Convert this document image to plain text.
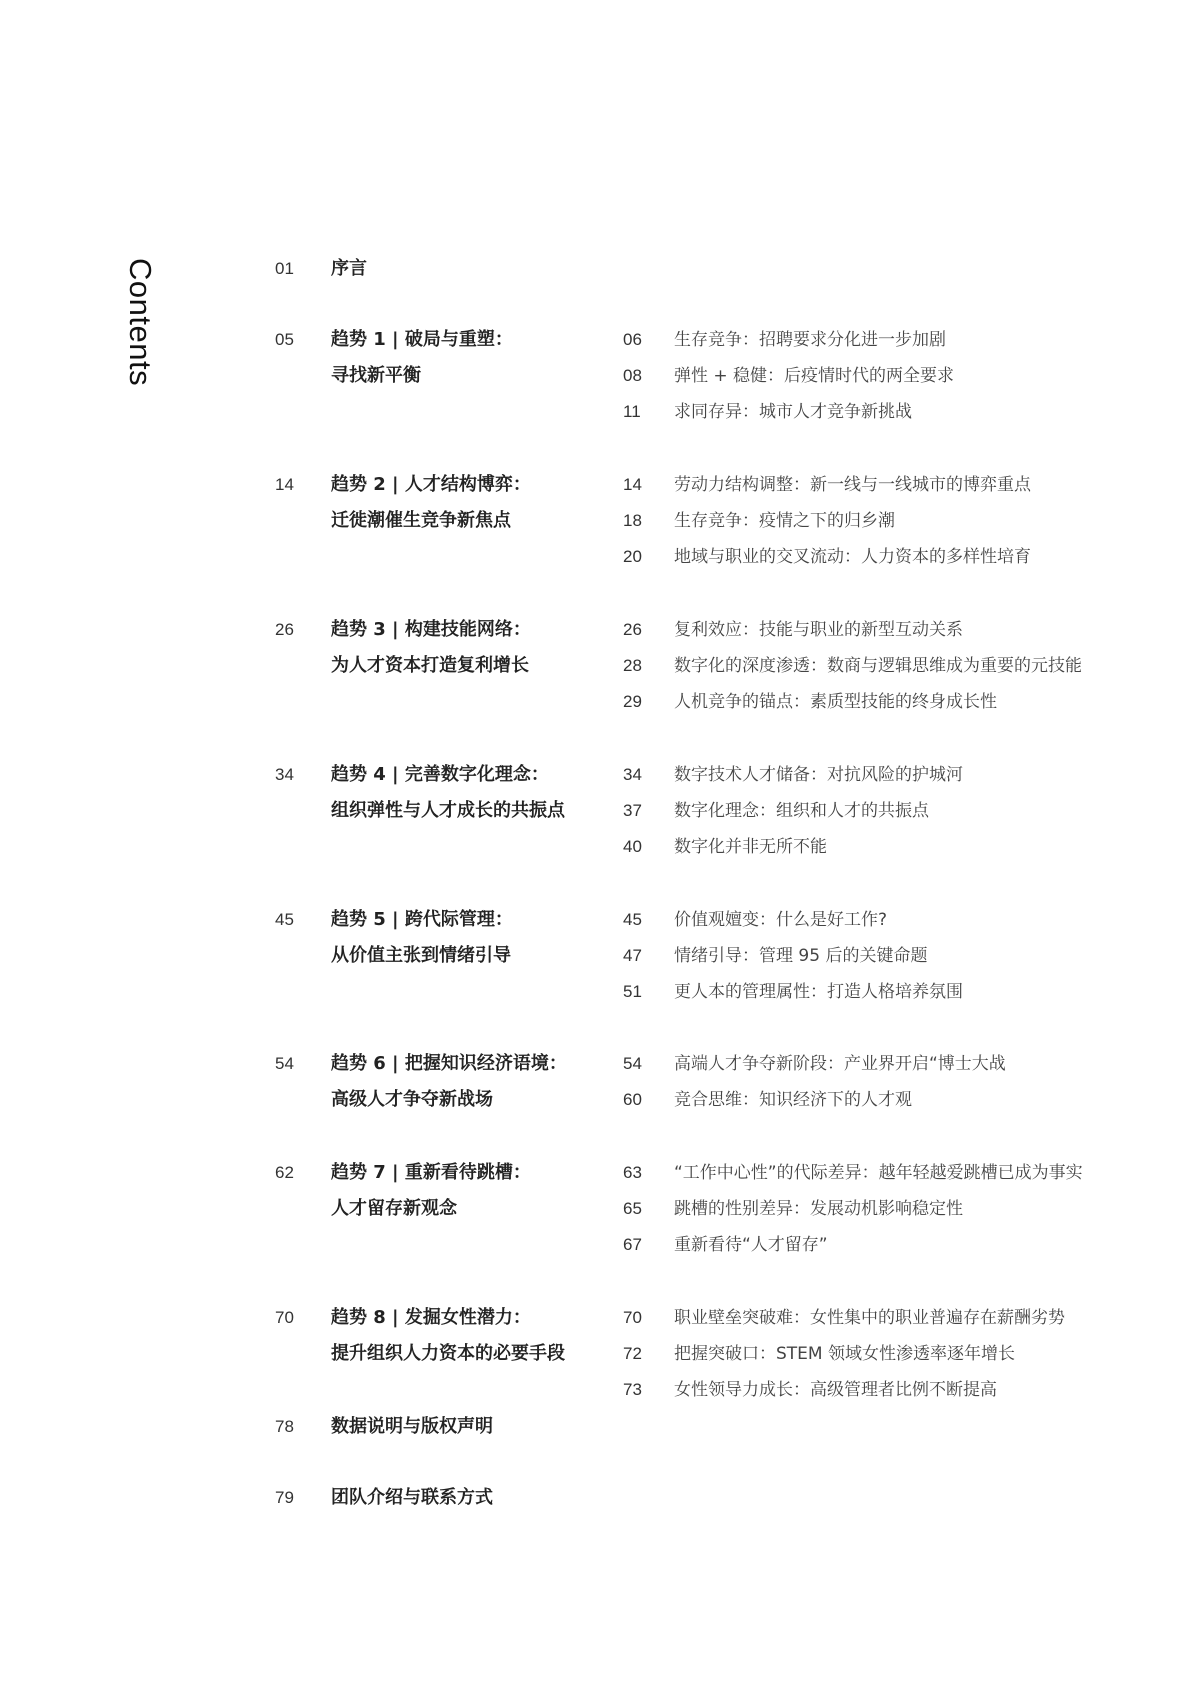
Contents	01 序言
05 趋势 1 | 破局与重塑：
寻找新平衡
06 生存竞争：招聘要求分化进一步加剧
08 弹性 + 稳健：后疫情时代的两全要求
11 求同存异：城市人才竞争新挑战
14 趋势 2 | 人才结构博弈：
迁徙潮催生竞争新焦点
14 劳动力结构调整：新一线与一线城市的博弈重点
18 生存竞争：疫情之下的归乡潮
20 地域与职业的交叉流动：人力资本的多样性培育
26 趋势 3 | 构建技能网络：
为人才资本打造复利增长
26 复利效应：技能与职业的新型互动关系
28 数字化的深度渗透：数商与逻辑思维成为重要的元技能
29 人机竞争的锚点：素质型技能的终身成长性
34 趋势 4 | 完善数字化理念：
组织弹性与人才成长的共振点
34 数字技术人才储备：对抗风险的护城河
37 数字化理念：组织和人才的共振点
40 数字化并非无所不能
45 趋势 5 | 跨代际管理：
从价值主张到情绪引导
45 价值观嬗变：什么是好工作?
47 情绪引导：管理 95 后的关键命题
51 更人本的管理属性：打造人格培养氛围
54 趋势 6 | 把握知识经济语境：
高级人才争夺新战场
54 高端人才争夺新阶段：产业界开启“博士大战
60 竞合思维：知识经济下的人才观
62 趋势 7 | 重新看待跳槽：
人才留存新观念
63 “工作中心性”的代际差异：越年轻越爱跳槽已成为事实
65 跳槽的性别差异：发展动机影响稳定性
67 重新看待“人才留存”
70 趋势 8 | 发掘女性潜力：
提升组织人力资本的必要手段
70 职业壁垒突破难：女性集中的职业普遍存在薪酬劣势
72 把握突破口：STEM 领域女性渗透率逐年增长
73 女性领导力成长：高级管理者比例不断提高
78 数据说明与版权声明
79 团队介绍与联系方式
